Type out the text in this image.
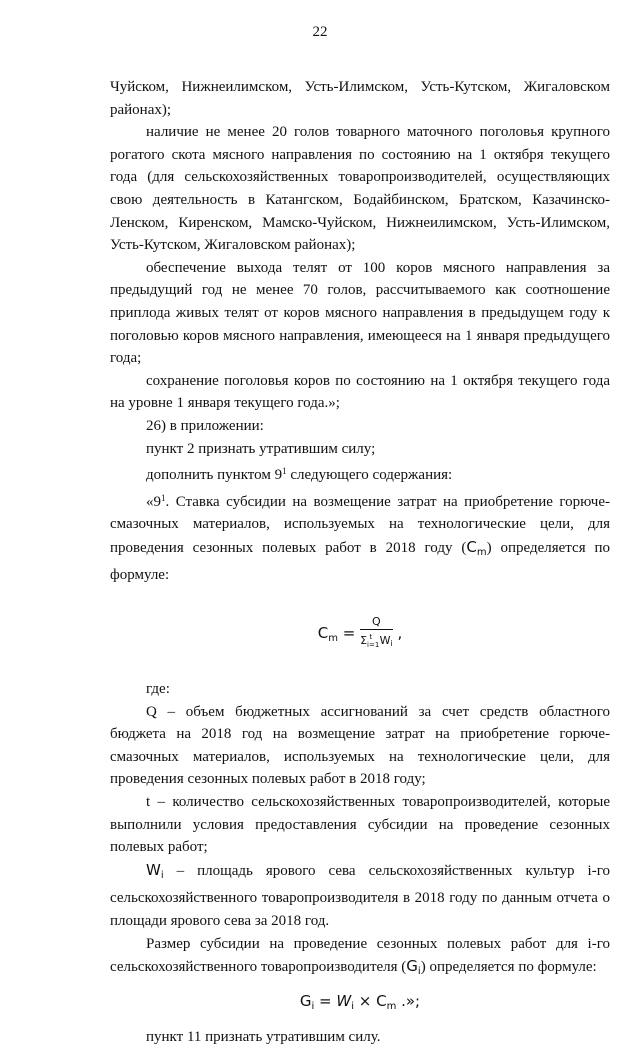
22

Чуйском, Нижнеилимском, Усть-Илимском, Усть-Кутском, Жигаловском районах);

наличие не менее 20 голов товарного маточного поголовья крупного рогатого скота мясного направления по состоянию на 1 октября текущего года (для сельскохозяйственных товаропроизводителей, осуществляющих свою деятельность в Катангском, Бодайбинском, Братском, Казачинско-Ленском, Киренском, Мамско-Чуйском, Нижнеилимском, Усть-Илимском, Усть-Кутском, Жигаловском районах);

обеспечение выхода телят от 100 коров мясного направления за предыдущий год не менее 70 голов, рассчитываемого как соотношение приплода живых телят от коров мясного направления в предыдущем году к поголовью коров мясного направления, имеющееся на 1 января предыдущего года;

сохранение поголовья коров по состоянию на 1 октября текущего года на уровне 1 января текущего года.»;

26) в приложении:

пункт 2 признать утратившим силу;

дополнить пунктом $9^1$ следующего содержания:

«$9^1$. Ставка субсидии на возмещение затрат на приобретение горюче-смазочных материалов, используемых на технологические цели, для проведения сезонных полевых работ в 2018 году $(C_m)$ определяется по формуле:

$C_m = \frac{Q}{\Sigma_{i=1}^t Wi}$ ,

где:

Q – объем бюджетных ассигнований за счет средств областного бюджета на 2018 год на возмещение затрат на приобретение горюче-смазочных материалов, используемых на технологические цели, для проведения сезонных полевых работ в 2018 году;

t – количество сельскохозяйственных товаропроизводителей, которые выполнили условия предоставления субсидии на проведение сезонных полевых работ;

$W_i$ – площадь ярового сева сельскохозяйственных культур i-го сельскохозяйственного товаропроизводителя в 2018 году по данным отчета о площади ярового сева за 2018 год.

Размер субсидии на проведение сезонных полевых работ для i-го сельскохозяйственного товаропроизводителя $(G_i)$ определяется по формуле:

$G_i = W_i \times C_m$ .»;

пункт 11 признать утратившим силу.
